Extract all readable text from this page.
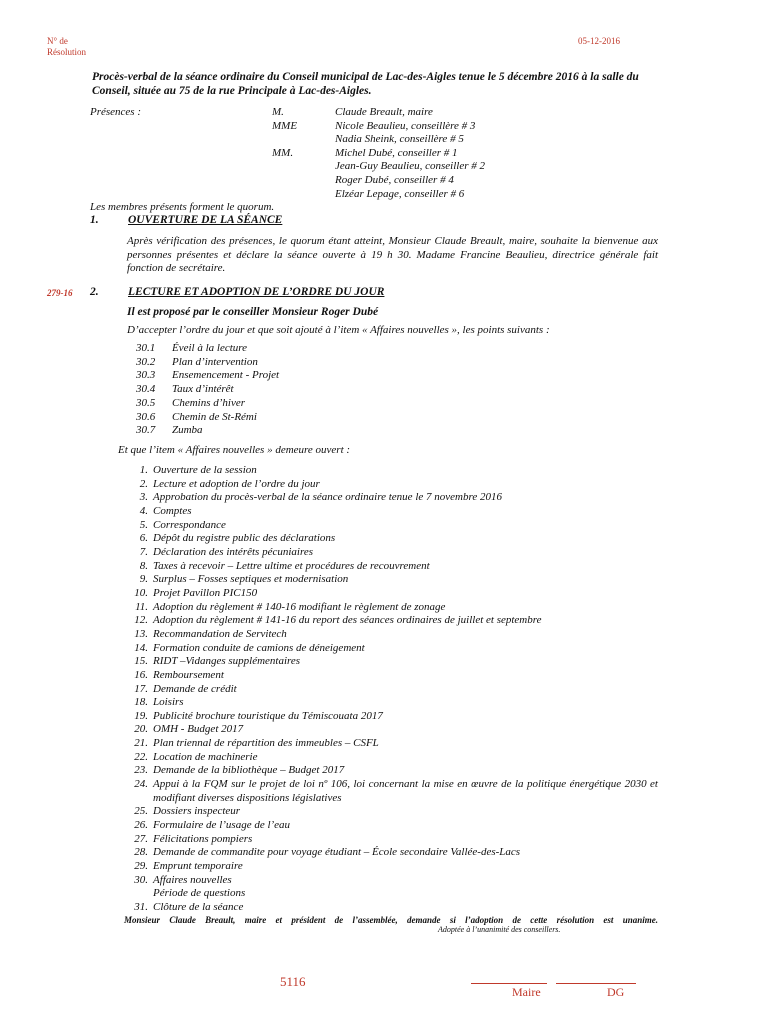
N° de
Résolution
05-12-2016
Procès-verbal de la séance ordinaire du Conseil municipal de Lac-des-Aigles tenue le 5 décembre 2016 à la salle du Conseil, située au 75 de la rue Principale à Lac-des-Aigles.
Présences :	M.	Claude Breault, maire
MME	Nicole Beaulieu, conseillère # 3
Nadia Sheink, conseillère # 5
MM.	Michel Dubé, conseiller # 1
Jean-Guy Beaulieu, conseiller # 2
Roger Dubé, conseiller # 4
Elzéar Lepage, conseiller # 6
Les membres présents forment le quorum.
1.	OUVERTURE DE LA SÉANCE
Après vérification des présences, le quorum étant atteint, Monsieur Claude Breault, maire, souhaite la bienvenue aux personnes présentes et déclare la séance ouverte à 19 h 30. Madame Francine Beaulieu, directrice générale fait fonction de secrétaire.
279-16 2.	LECTURE ET ADOPTION DE L’ORDRE DU JOUR
Il est proposé par le conseiller Monsieur Roger Dubé
D’accepter l’ordre du jour et que soit ajouté à l’item « Affaires nouvelles », les points suivants :
30.1	Éveil à la lecture
30.2	Plan d’intervention
30.3	Ensemencement - Projet
30.4	Taux d’intérêt
30.5	Chemins d’hiver
30.6	Chemin de St-Rémi
30.7	Zumba
Et que l’item « Affaires nouvelles » demeure ouvert :
1. Ouverture de la session
2. Lecture et adoption de l’ordre du jour
3. Approbation du procès-verbal de la séance ordinaire tenue le 7 novembre 2016
4. Comptes
5. Correspondance
6. Dépôt du registre public des déclarations
7. Déclaration des intérêts pécuniaires
8. Taxes à recevoir – Lettre ultime et procédures de recouvrement
9. Surplus – Fosses septiques et modernisation
10. Projet Pavillon PIC150
11. Adoption du règlement # 140-16 modifiant le règlement de zonage
12. Adoption du règlement # 141-16 du report des séances ordinaires de juillet et septembre
13. Recommandation de Servitech
14. Formation conduite de camions de déneigement
15. RIDT –Vidanges supplémentaires
16. Remboursement
17. Demande de crédit
18. Loisirs
19. Publicité brochure touristique du Témiscouata 2017
20. OMH - Budget 2017
21. Plan triennal de répartition des immeubles – CSFL
22. Location de machinerie
23. Demande de la bibliothèque – Budget 2017
24. Appui à la FQM sur le projet de loi nº 106, loi concernant la mise en œuvre de la politique énergétique 2030 et modifiant diverses dispositions législatives
25. Dossiers inspecteur
26. Formulaire de l’usage de l’eau
27. Félicitations pompiers
28. Demande de commandite pour voyage étudiant – École secondaire Vallée-des-Lacs
29. Emprunt temporaire
30. Affaires nouvelles
Période de questions
31. Clôture de la séance
Monsieur Claude Breault, maire et président de l’assemblée, demande si l’adoption de cette résolution est unanime.
Adoptée à l’unanimité des conseillers.
5116
Maire	DG
